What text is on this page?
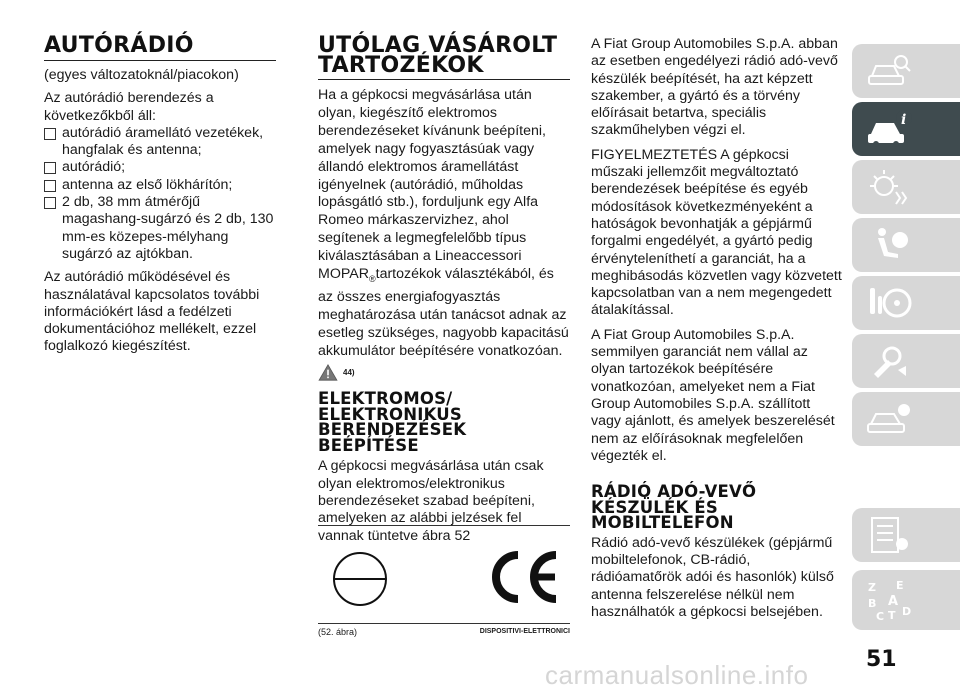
AUTÓRÁDIÓ

(egyes változatoknál/piacokon)

Az autórádió berendezés a következőkből áll:

autórádió áramellátó vezetékek, hangfalak és antenna;
autórádió;
antenna az első lökhárítón;
2 db, 38 mm átmérőjű magashang-sugárzó és 2 db, 130 mm-es közepes-mélyhang sugárzó az ajtókban.

Az autórádió működésével és használatával kapcsolatos további információkért lásd a fedélzeti dokumentációhoz mellékelt, ezzel foglalkozó kiegészítést.

UTÓLAG VÁSÁROLT TARTOZÉKOK

Ha a gépkocsi megvásárlása után olyan, kiegészítő elektromos berendezéseket kívánunk beépíteni, amelyek nagy fogyasztásúak vagy állandó elektromos áramellátást igényelnek (autórádió, műholdas lopásgátló stb.), forduljunk egy Alfa Romeo márkaszervizhez, ahol segítenek a legmegfelelőbb típus kiválasztásában a Lineaccessori $MOPAR_®tartozékok$ választékából, és az összes energiafogyasztás meghatározása után tanácsot adnak az esetleg szükséges, nagyobb kapacitású akkumulátor beépítésére vonatkozóan.

44)
ELEKTROMOS/ ELEKTRONIKUS BERENDEZÉSEK BEÉPÍTÉSE

A gépkocsi megvásárlása után csak olyan elektromos/elektronikus berendezéseket szabad beépíteni, amelyeken az alábbi jelzések fel vannak tüntetve ábra 52

(52. ábra)	DISPOSITIVI-ELETTRONICI

A Fiat Group Automobiles S.p.A. abban az esetben engedélyezi rádió adó-vevő készülék beépítését, ha azt képzett szakember, a gyártó és a törvény előírásait betartva, speciális szakműhelyben végzi el.

FIGYELMEZTETÉS A gépkocsi műszaki jellemzőit megváltoztató berendezések beépítése és egyéb módosítások következményeként a hatóságok bevonhatják a gépjármű forgalmi engedélyét, a gyártó pedig érvényteleníthetí a garanciát, ha a meghibásodás közvetlen vagy közvetett kapcsolatban van a nem megengedett átalakítással.

A Fiat Group Automobiles S.p.A. semmilyen garanciát nem vállal az olyan tartozékok beépítésére vonatkozóan, amelyeket nem a Fiat Group Automobiles S.p.A. szállított vagy ajánlott, és amelyek beszerelését nem az előírásoknak megfelelően végezték el.

RÁDIÓ ADÓ-VEVŐ KÉSZÜLÉK ÉS MOBILTELEFON

Rádió adó-vevő készülékek (gépjármű mobiltelefonok, CB-rádió, rádióamatőrök adói és hasonlók) külső antenna felszerelése nélkül nem használhatók a gépkocsi belsejében.

i
Z E
B A
C T D
51
carmanualsonline.info
